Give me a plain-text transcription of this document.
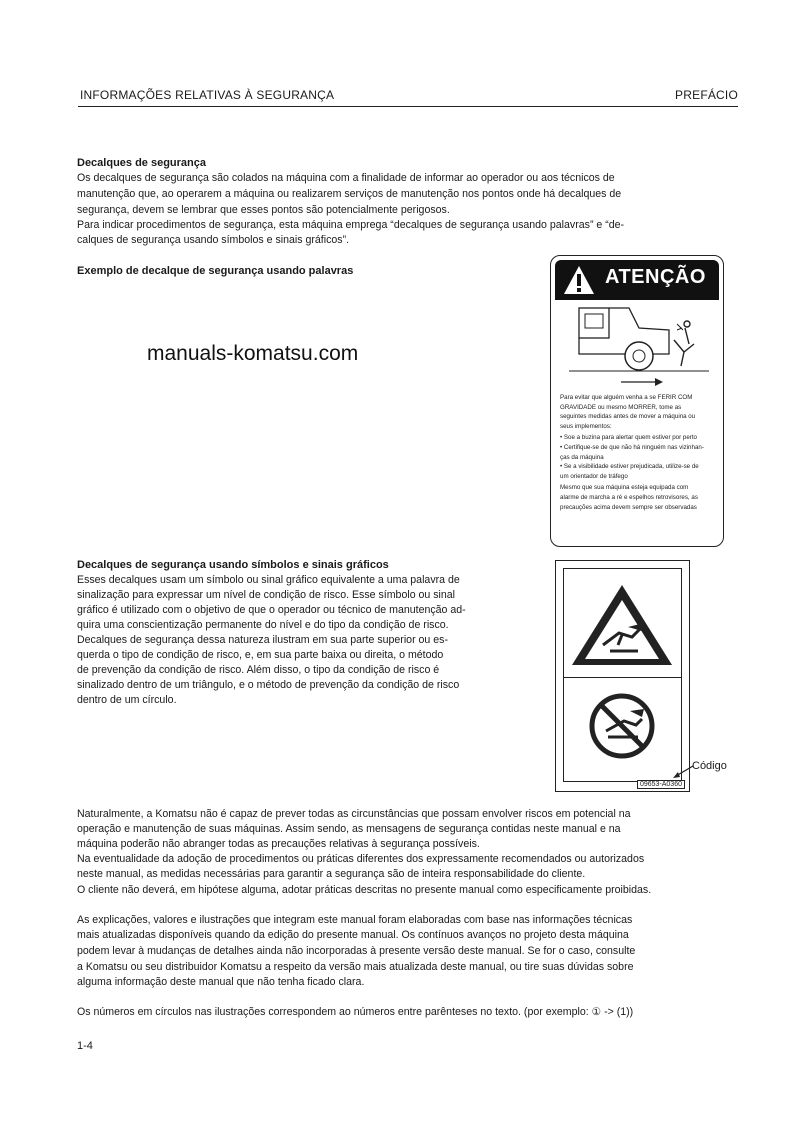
INFORMAÇÕES RELATIVAS À SEGURANÇA	PREFÁCIO
Decalques de segurança

Os decalques de segurança são colados na máquina com a finalidade de informar ao operador ou aos técnicos de

manutenção que, ao operarem a máquina ou realizarem serviços de manutenção nos pontos onde há decalques de

segurança, devem se lembrar que esses pontos são potencialmente perigosos.

Para indicar procedimentos de segurança, esta máquina emprega “decalques de segurança usando palavras” e “de-

calques de segurança usando símbolos e sinais gráficos”.

Exemplo de decalque de segurança usando palavras
manuals-komatsu.com
ATENÇÃO

Para evitar que alguém venha a se FERIR COM

GRAVIDADE ou mesmo MORRER, tome as

seguintes medidas antes de mover a máquina ou

seus implementos:

• Soe a buzina para alertar quem estiver por perto

• Certifique-se de que não há ninguém nas vizinhan-

ças da máquina

• Se a visibilidade estiver prejudicada, utilize-se de

um orientador de tráfego

Mesmo que sua máquina esteja equipada com

alarme de marcha a ré e espelhos retrovisores, as

precauções acima devem sempre ser observadas

Decalques de segurança usando símbolos e sinais gráficos

Esses decalques usam um símbolo ou sinal gráfico equivalente a uma palavra de

sinalização para expressar um nível de condição de risco. Esse símbolo ou sinal

gráfico é utilizado com o objetivo de que o operador ou técnico de manutenção ad-

quira uma conscientização permanente do nível e do tipo da condição de risco.

Decalques de segurança dessa natureza ilustram em sua parte superior ou es-

querda o tipo de condição de risco, e, em sua parte baixa ou direita, o método

de prevenção da condição de risco. Além disso, o tipo da condição de risco é

sinalizado dentro de um triângulo, e o método de prevenção da condição de risco

dentro de um círculo.

09653-A0360
Código

Naturalmente, a Komatsu não é capaz de prever todas as circunstâncias que possam envolver riscos em potencial na

operação e manutenção de suas máquinas. Assim sendo, as mensagens de segurança contidas neste manual e na

máquina poderão não abranger todas as precauções relativas à segurança possíveis.

Na eventualidade da adoção de procedimentos ou práticas diferentes dos expressamente recomendados ou autorizados

neste manual, as medidas necessárias para garantir a segurança são de inteira responsabilidade do cliente.

O cliente não deverá, em hipótese alguma, adotar práticas descritas no presente manual como especificamente proibidas.

As explicações, valores e ilustrações que integram este manual foram elaboradas com base nas informações técnicas

mais atualizadas disponíveis quando da edição do presente manual. Os contínuos avanços no projeto desta máquina

podem levar à mudanças de detalhes ainda não incorporadas à presente versão deste manual. Se for o caso, consulte

a Komatsu ou seu distribuidor Komatsu a respeito da versão mais atualizada deste manual, ou tire suas dúvidas sobre

alguma informação deste manual que não tenha ficado clara.

Os números em círculos nas ilustrações correspondem ao números entre parênteses no texto. (por exemplo: ① -> (1))

1-4
